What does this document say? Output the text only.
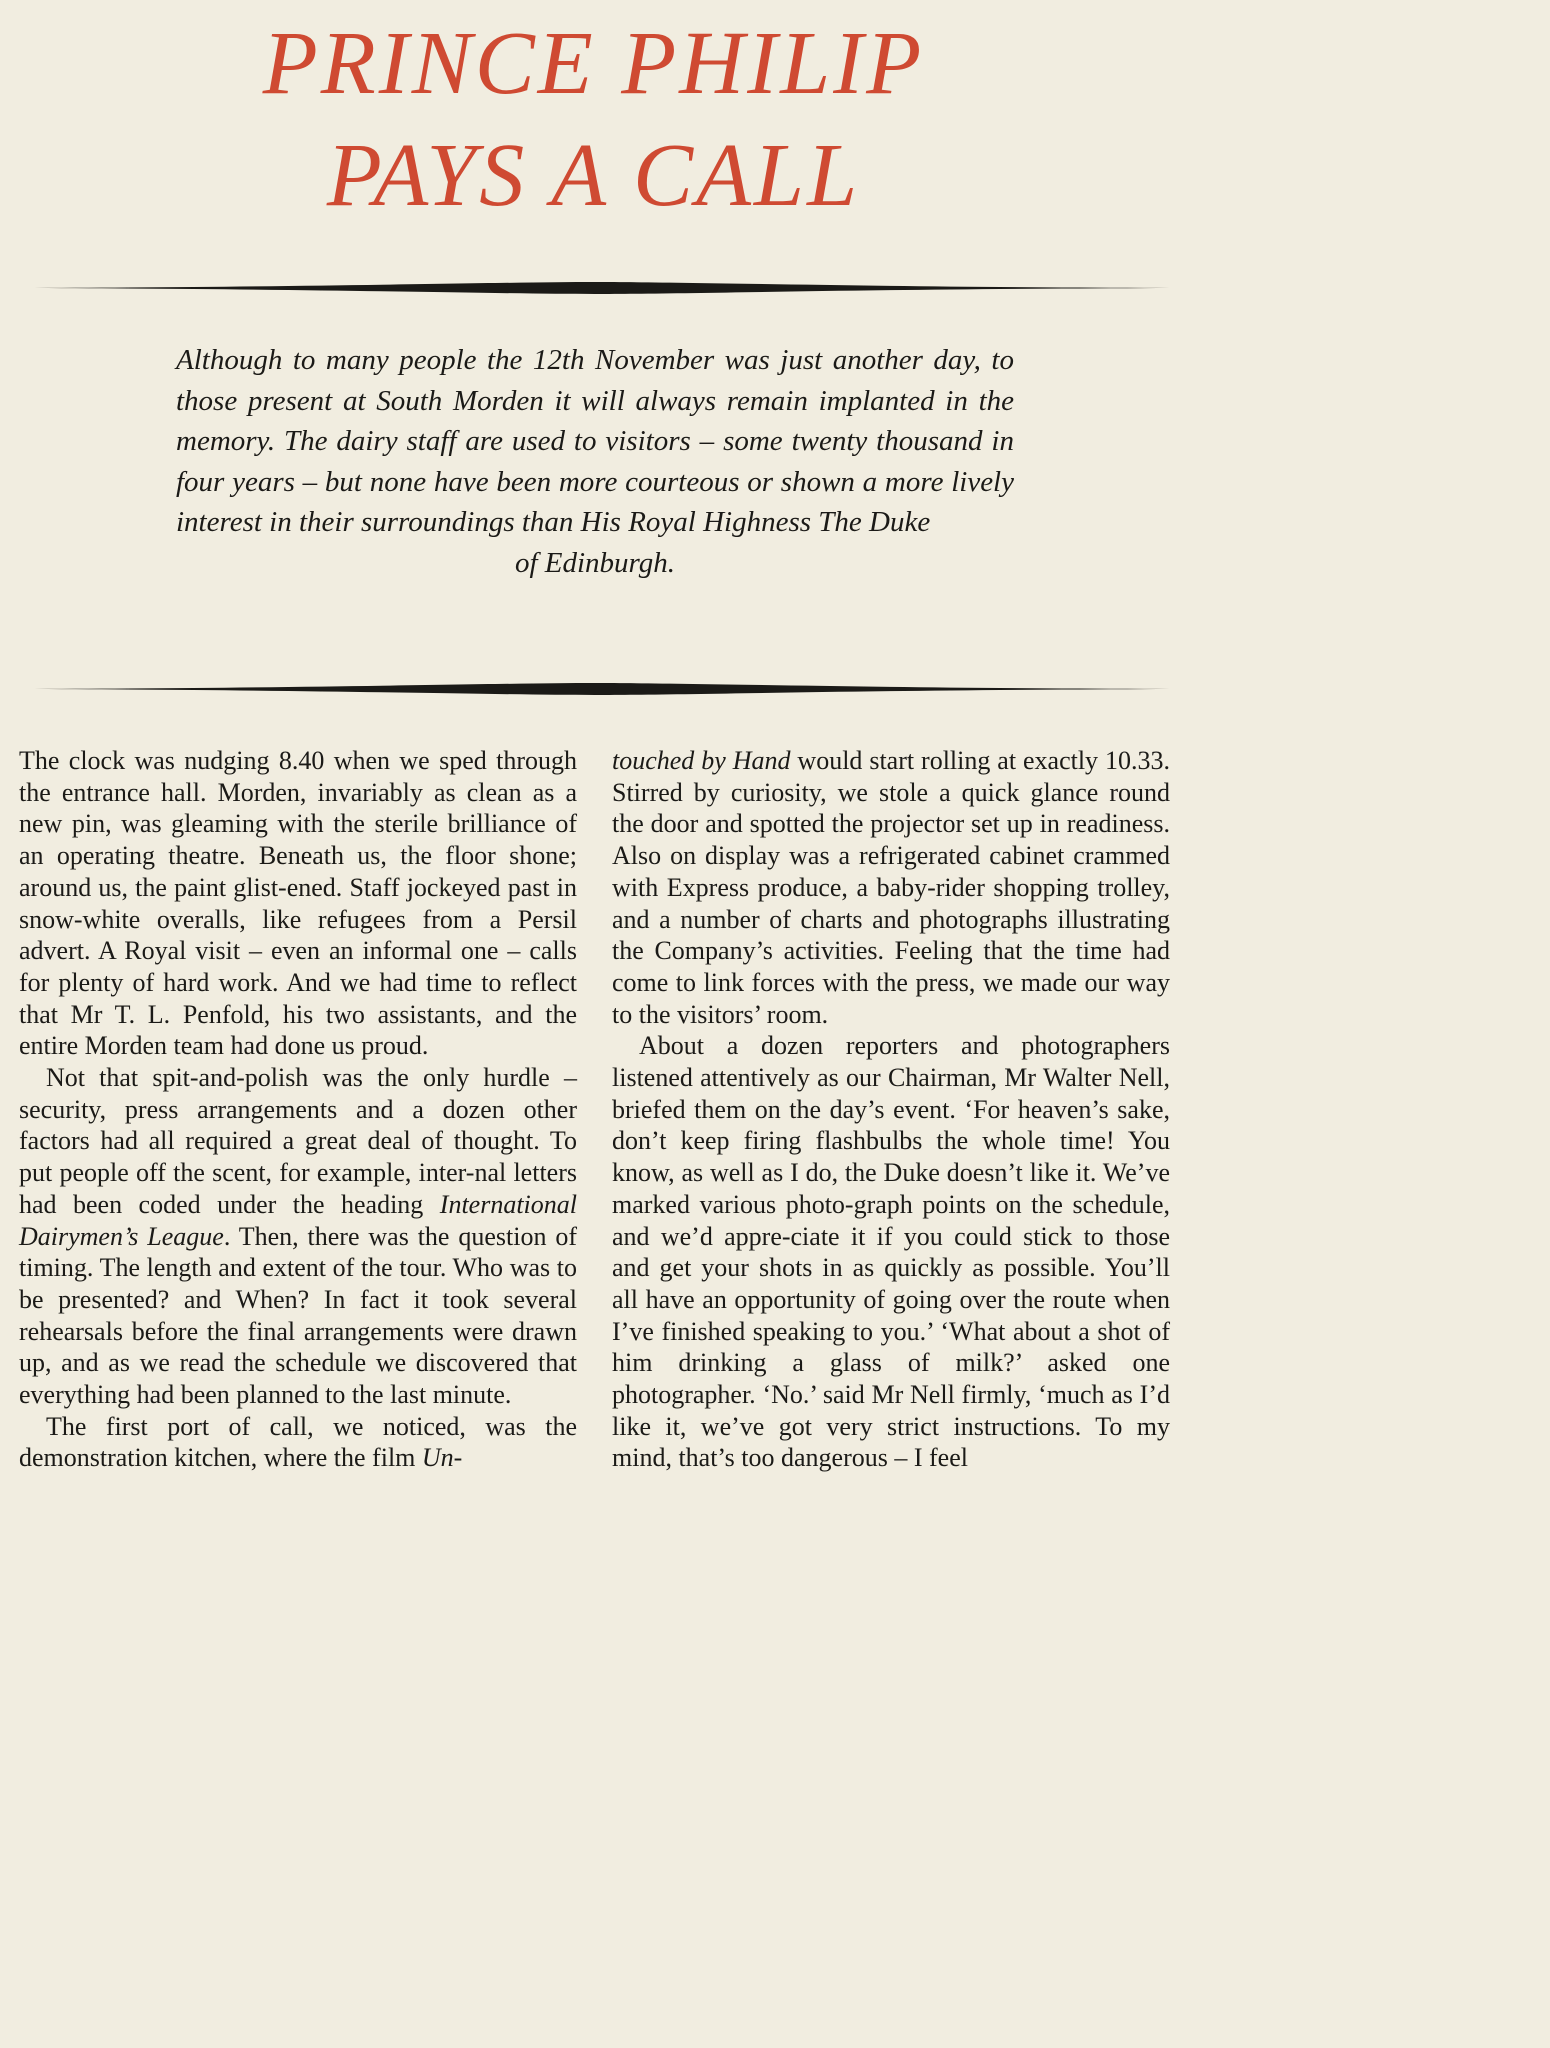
PRINCE PHILIP
PAYS A CALL

Although to many people the 12th November was just another day, to those present at South Morden it will always remain implanted in the memory. The dairy staff are used to visitors – some twenty thousand in four years – but none have been more courteous or shown a more lively interest in their surroundings than His Royal Highness The Duke
of Edinburgh.

The clock was nudging 8.40 when we sped through the entrance hall. Morden, invariably as clean as a new pin, was gleaming with the sterile brilliance of an operating theatre. Beneath us, the floor shone; around us, the paint glist-ened. Staff jockeyed past in snow-white overalls, like refugees from a Persil advert. A Royal visit – even an informal one – calls for plenty of hard work. And we had time to reflect that Mr T. L. Penfold, his two assistants, and the entire Morden team had done us proud.

Not that spit-and-polish was the only hurdle – security, press arrangements and a dozen other factors had all required a great deal of thought. To put people off the scent, for example, inter-nal letters had been coded under the heading International Dairymen’s League. Then, there was the question of timing. The length and extent of the tour. Who was to be presented? and When? In fact it took several rehearsals before the final arrangements were drawn up, and as we read the schedule we discovered that everything had been planned to the last minute.

The first port of call, we noticed, was the demonstration kitchen, where the film Un-

touched by Hand would start rolling at exactly 10.33. Stirred by curiosity, we stole a quick glance round the door and spotted the projector set up in readiness. Also on display was a refrigerated cabinet crammed with Express produce, a baby-rider shopping trolley, and a number of charts and photographs illustrating the Company’s activities. Feeling that the time had come to link forces with the press, we made our way to the visitors’ room.

About a dozen reporters and photographers listened attentively as our Chairman, Mr Walter Nell, briefed them on the day’s event. ‘For heaven’s sake, don’t keep firing flashbulbs the whole time! You know, as well as I do, the Duke doesn’t like it. We’ve marked various photo-graph points on the schedule, and we’d appre-ciate it if you could stick to those and get your shots in as quickly as possible. You’ll all have an opportunity of going over the route when I’ve finished speaking to you.’ ‘What about a shot of him drinking a glass of milk?’ asked one photographer. ‘No.’ said Mr Nell firmly, ‘much as I’d like it, we’ve got very strict instructions. To my mind, that’s too dangerous – I feel
